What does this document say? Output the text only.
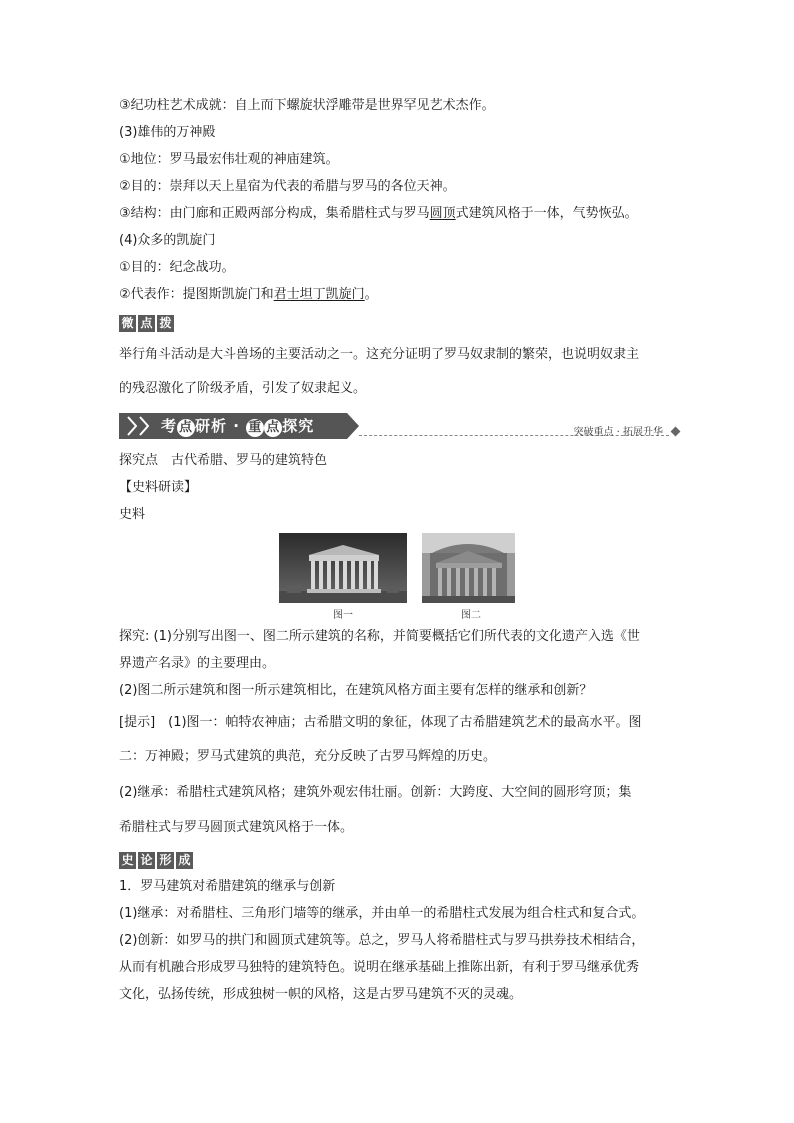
③纪功柱艺术成就：自上而下螺旋状浮雕带是世界罕见艺术杰作。
(3)雄伟的万神殿
①地位：罗马最宏伟壮观的神庙建筑。
②目的：崇拜以天上星宿为代表的希腊与罗马的各位天神。
③结构：由门廊和正殿两部分构成，集希腊柱式与罗马圆顶式建筑风格于一体，气势恢弘。
(4)众多的凯旋门
①目的：纪念战功。
②代表作：提图斯凯旋门和君士坦丁凯旋门。
微 点 拨
举行角斗活动是大斗兽场的主要活动之一。这充分证明了罗马奴隶制的繁荣，也说明奴隶主
的残忍激化了阶级矛盾，引发了奴隶起义。
考 点 研析 · 重 点 探究	突破重点 · 拓展升华
探究点　古代希腊、罗马的建筑特色
【史料研读】
史料
图一	图二
探究: (1)分别写出图一、图二所示建筑的名称，并简要概括它们所代表的文化遗产入选《世
界遗产名录》的主要理由。
(2)图二所示建筑和图一所示建筑相比，在建筑风格方面主要有怎样的继承和创新？
[提示]　(1)图一：帕特农神庙；古希腊文明的象征，体现了古希腊建筑艺术的最高水平。图
二：万神殿；罗马式建筑的典范，充分反映了古罗马辉煌的历史。
(2)继承：希腊柱式建筑风格；建筑外观宏伟壮丽。创新：大跨度、大空间的圆形穹顶；集
希腊柱式与罗马圆顶式建筑风格于一体。
史 论 形 成
1．罗马建筑对希腊建筑的继承与创新
(1)继承：对希腊柱、三角形门墙等的继承，并由单一的希腊柱式发展为组合柱式和复合式。
(2)创新：如罗马的拱门和圆顶式建筑等。总之，罗马人将希腊柱式与罗马拱券技术相结合，
从而有机融合形成罗马独特的建筑特色。说明在继承基础上推陈出新，有利于罗马继承优秀
文化，弘扬传统，形成独树一帜的风格，这是古罗马建筑不灭的灵魂。
